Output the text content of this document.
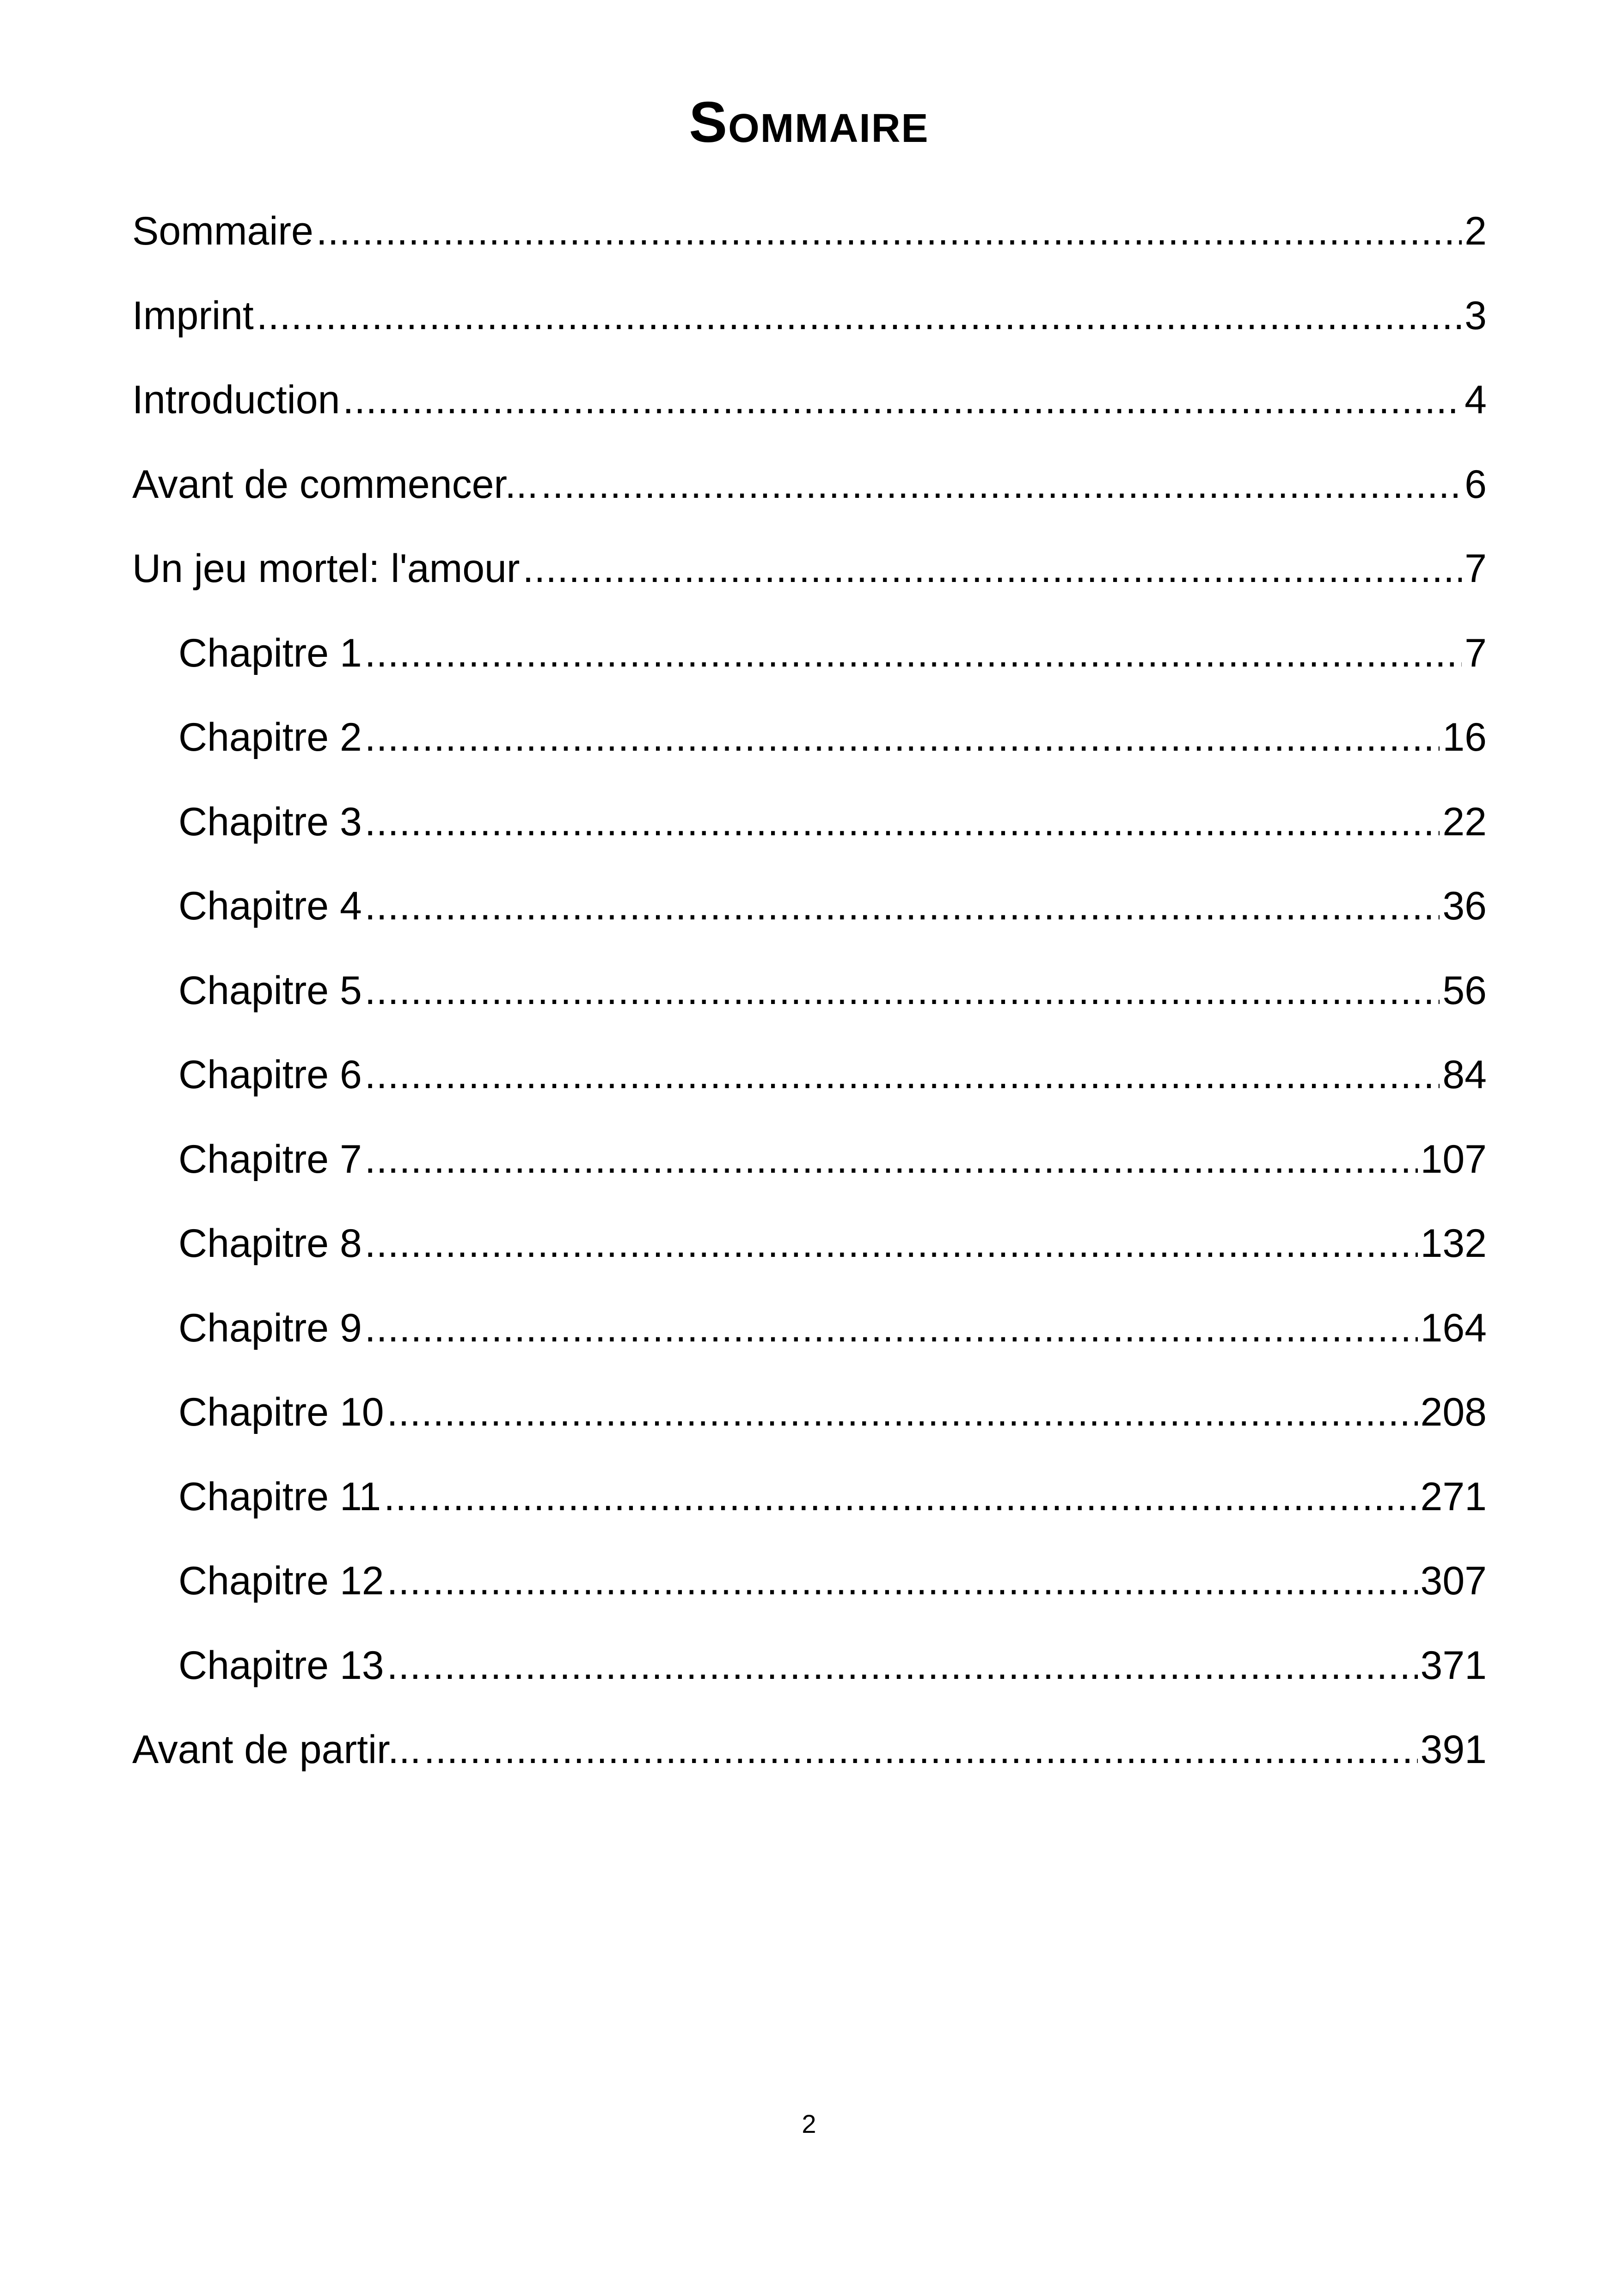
Sommaire
Sommaire .....	2
Imprint .....	3
Introduction .....	4
Avant de commencer... .....	6
Un jeu mortel: l'amour .....	7
Chapitre 1 .....	7
Chapitre 2 .....	16
Chapitre 3 .....	22
Chapitre 4 .....	36
Chapitre 5 .....	56
Chapitre 6 .....	84
Chapitre 7 .....	107
Chapitre 8 .....	132
Chapitre 9 .....	164
Chapitre 10 .....	208
Chapitre 11 .....	271
Chapitre 12 .....	307
Chapitre 13 .....	371
Avant de partir... .....	391
2
